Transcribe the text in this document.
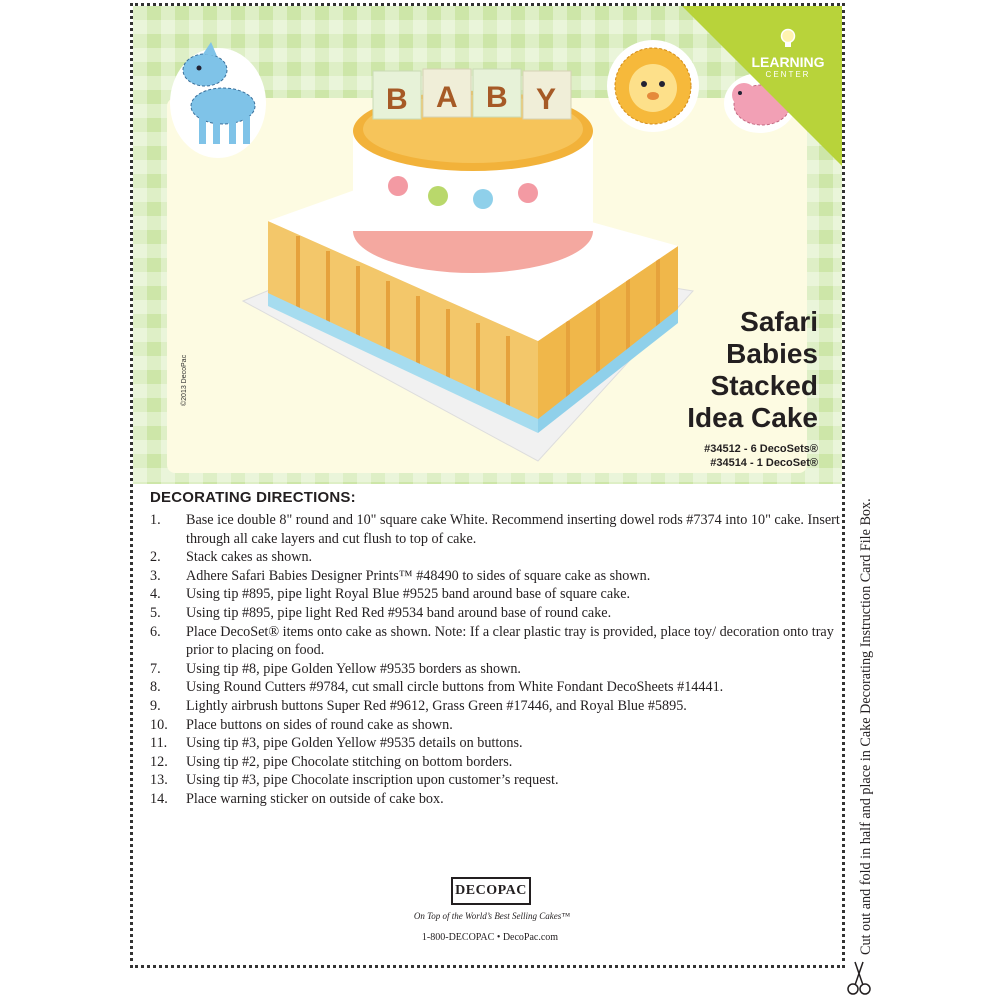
B A B Y
LEARNING
CENTER
©2013 DecoPac
Safari
Babies
Stacked
Idea Cake
#34512 - 6 DecoSets®
#34514 - 1 DecoSet®
DECORATING DIRECTIONS:
1.	Base ice double 8" round and 10" square cake White. Recommend inserting dowel rods #7374 into 10" cake. Insert through all cake layers and cut flush to top of cake.
2.	Stack cakes as shown.
3.	Adhere Safari Babies Designer Prints™ #48490 to sides of square cake as shown.
4.	Using tip #895, pipe light Royal Blue #9525 band around base of square cake.
5.	Using tip #895, pipe light Red Red #9534 band around base of round cake.
6.	Place DecoSet® items onto cake as shown. Note: If a clear plastic tray is provided, place toy/ decoration onto tray prior to placing on food.
7.	Using tip #8, pipe Golden Yellow #9535 borders as shown.
8.	Using Round Cutters #9784, cut small circle buttons from White Fondant DecoSheets #14441.
9.	Lightly airbrush buttons Super Red #9612, Grass Green #17446, and Royal Blue #5895.
10.	Place buttons on sides of round cake as shown.
11.	Using tip #3, pipe Golden Yellow #9535 details on buttons.
12.	Using tip #2, pipe Chocolate stitching on bottom borders.
13.	Using tip #3, pipe Chocolate inscription upon customer’s request.
14.	Place warning sticker on outside of cake box.
DECOPAC
On Top of the World’s Best Selling Cakes™
1-800-DECOPAC • DecoPac.com	Cut out and fold in half and place in Cake Decorating Instruction Card File Box.
